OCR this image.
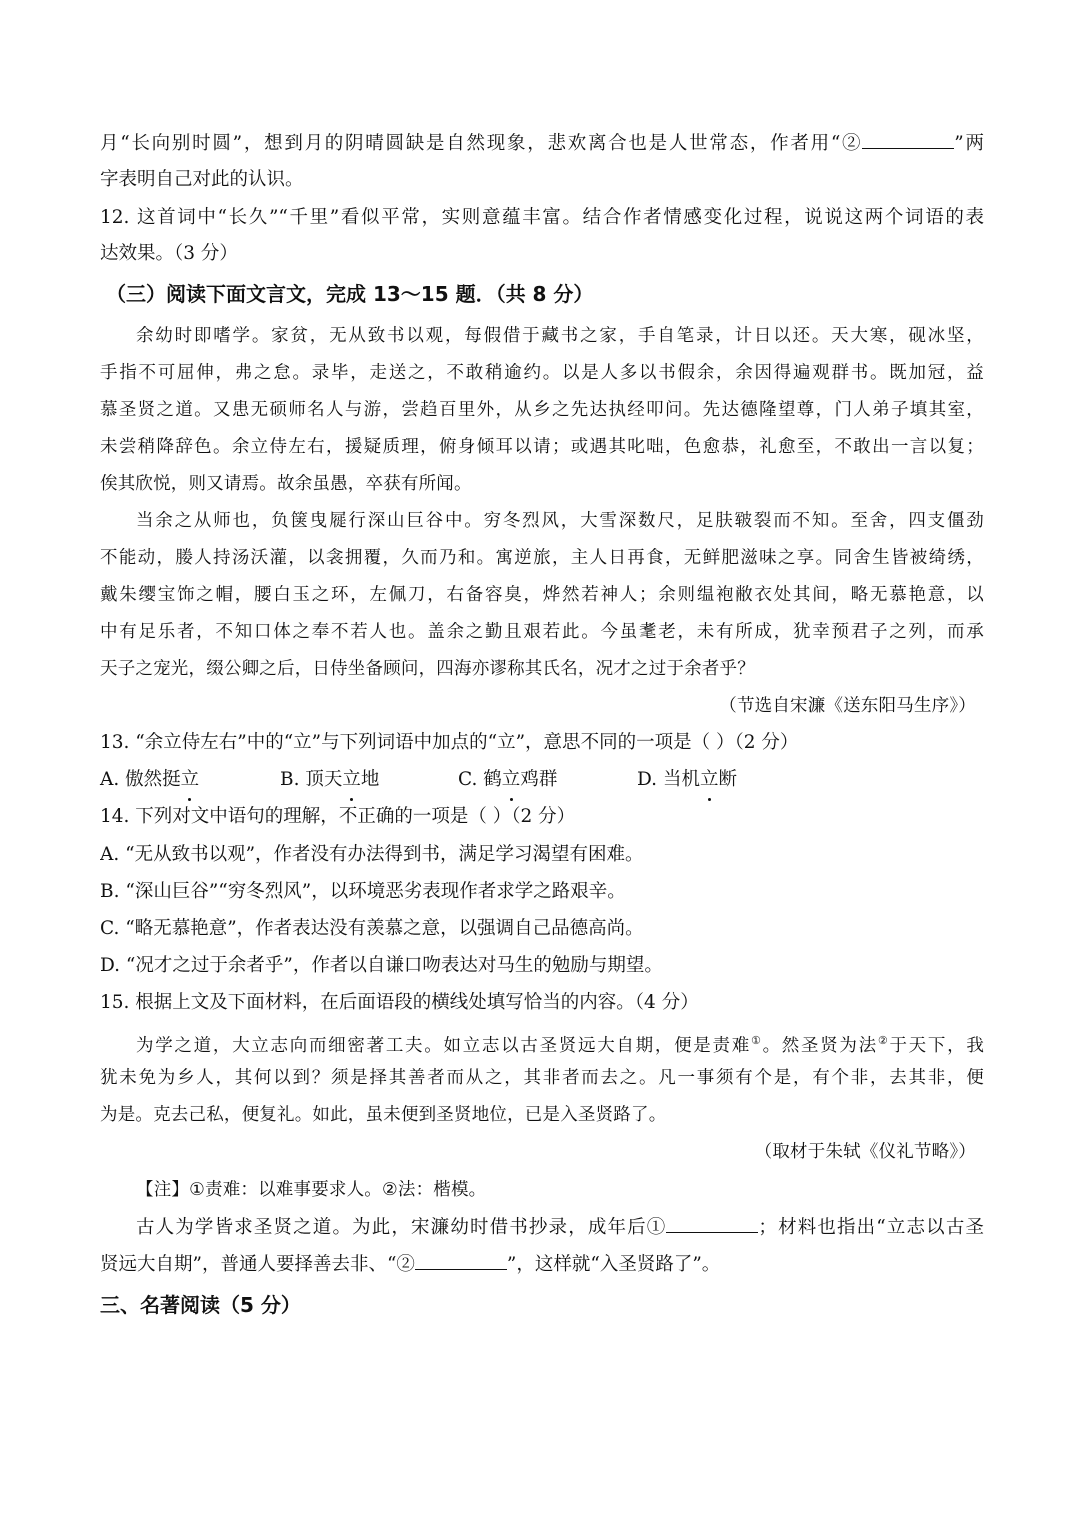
月“长向别时圆”，想到月的阴晴圆缺是自然现象，悲欢离合也是人世常态，作者用“②	”两
字表明自己对此的认识。
12. 这首词中“长久”“千里”看似平常，实则意蕴丰富。结合作者情感变化过程，说说这两个词语的表
达效果。（3 分）
（三）阅读下面文言文，完成 13～15 题．（共 8 分）
余幼时即嗜学。家贫，无从致书以观，每假借于藏书之家，手自笔录，计日以还。天大寒，砚冰坚，
手指不可屈伸，弗之怠。录毕，走送之，不敢稍逾约。以是人多以书假余，余因得遍观群书。既加冠，益
慕圣贤之道。又患无硕师名人与游，尝趋百里外，从乡之先达执经叩问。先达德隆望尊，门人弟子填其室，
未尝稍降辞色。余立侍左右，援疑质理，俯身倾耳以请；或遇其叱咄，色愈恭，礼愈至，不敢出一言以复；
俟其欣悦，则又请焉。故余虽愚，卒获有所闻。
当余之从师也，负箧曳屣行深山巨谷中。穷冬烈风，大雪深数尺，足肤皲裂而不知。至舍，四支僵劲
不能动，媵人持汤沃灌，以衾拥覆，久而乃和。寓逆旅，主人日再食，无鲜肥滋味之享。同舍生皆被绮绣，
戴朱缨宝饰之帽，腰白玉之环，左佩刀，右备容臭，烨然若神人；余则缊袍敝衣处其间，略无慕艳意，以
中有足乐者，不知口体之奉不若人也。盖余之勤且艰若此。今虽耄老，未有所成，犹幸预君子之列，而承
天子之宠光，缀公卿之后，日侍坐备顾问，四海亦谬称其氏名，况才之过于余者乎？
（节选自宋濂《送东阳马生序》）
13. “余立侍左右”中的“立”与下列词语中加点的“立”，意思不同的一项是（ ）（2 分）
A. 傲然挺立	B. 顶天立地	C. 鹤立鸡群	D. 当机立断
14. 下列对文中语句的理解，不正确的一项是（ ）（2 分）
A. “无从致书以观”，作者没有办法得到书，满足学习渴望有困难。
B. “深山巨谷”“穷冬烈风”，以环境恶劣表现作者求学之路艰辛。
C. “略无慕艳意”，作者表达没有羡慕之意，以强调自己品德高尚。
D. “况才之过于余者乎”，作者以自谦口吻表达对马生的勉励与期望。
15. 根据上文及下面材料，在后面语段的横线处填写恰当的内容。（4 分）
为学之道，大立志向而细密著工夫。如立志以古圣贤远大自期，便是责难①。然圣贤为法②于天下，我
犹未免为乡人，其何以到？须是择其善者而从之，其非者而去之。凡一事须有个是，有个非，去其非，便
为是。克去己私，便复礼。如此，虽未便到圣贤地位，已是入圣贤路了。
（取材于朱轼《仪礼节略》）
【注】①责难：以难事要求人。②法：楷模。
古人为学皆求圣贤之道。为此，宋濂幼时借书抄录，成年后①	；材料也指出“立志以古圣
贤远大自期”，普通人要择善去非、“②	”，这样就“入圣贤路了”。
三、名著阅读（5 分）
